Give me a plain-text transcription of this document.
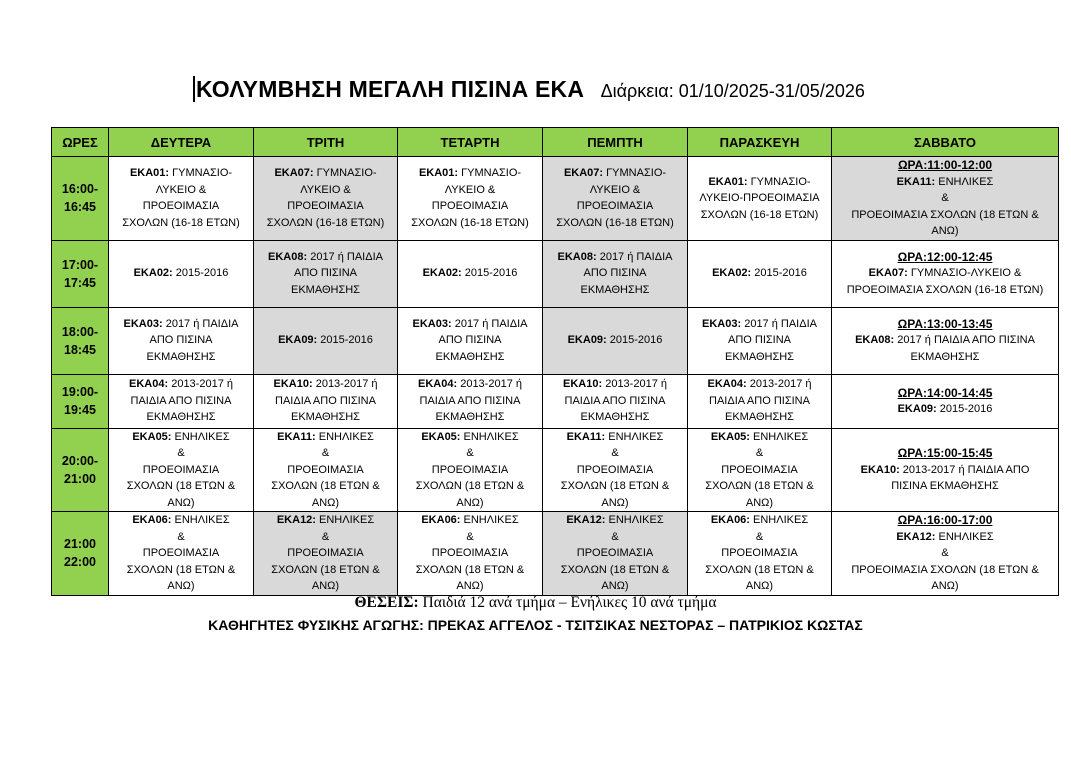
ΚΟΛΥΜΒΗΣΗ ΜΕΓΑΛΗ ΠΙΣΙΝΑ ΕΚΑ Διάρκεια: 01/10/2025-31/05/2026
ΩΡΕΣ	ΔΕΥΤΕΡΑ	ΤΡΙΤΗ	ΤΕΤΑΡΤΗ	ΠΕΜΠΤΗ	ΠΑΡΑΣΚΕΥΗ	ΣΑΒΒΑΤΟ

16:00-
16:45	ΕΚΑ01: ΓΥΜΝΑΣΙΟ-
ΛΥΚΕΙΟ &
ΠΡΟΕΟΙΜΑΣΙΑ
ΣΧΟΛΩΝ (16-18 ΕΤΩΝ)	ΕΚΑ07: ΓΥΜΝΑΣΙΟ-
ΛΥΚΕΙΟ &
ΠΡΟΕΟΙΜΑΣΙΑ
ΣΧΟΛΩΝ (16-18 ΕΤΩΝ)	ΕΚΑ01: ΓΥΜΝΑΣΙΟ-
ΛΥΚΕΙΟ &
ΠΡΟΕΟΙΜΑΣΙΑ
ΣΧΟΛΩΝ (16-18 ΕΤΩΝ)	ΕΚΑ07: ΓΥΜΝΑΣΙΟ-
ΛΥΚΕΙΟ &
ΠΡΟΕΟΙΜΑΣΙΑ
ΣΧΟΛΩΝ (16-18 ΕΤΩΝ)	ΕΚΑ01: ΓΥΜΝΑΣΙΟ-
ΛΥΚΕΙΟ-ΠΡΟΕΟΙΜΑΣΙΑ
ΣΧΟΛΩΝ (16-18 ΕΤΩΝ)	ΩΡΑ:11:00-12:00
ΕΚΑ11: ΕΝΗΛΙΚΕΣ
&
ΠΡΟΕΟΙΜΑΣΙΑ ΣΧΟΛΩΝ (18 ΕΤΩΝ &
ΑΝΩ)

17:00-
17:45	ΕΚΑ02: 2015-2016	ΕΚΑ08: 2017 ή ΠΑΙΔΙΑ
ΑΠΟ ΠΙΣΙΝΑ
ΕΚΜΑΘΗΣΗΣ	ΕΚΑ02: 2015-2016	ΕΚΑ08: 2017 ή ΠΑΙΔΙΑ
ΑΠΟ ΠΙΣΙΝΑ
ΕΚΜΑΘΗΣΗΣ	ΕΚΑ02: 2015-2016	ΩΡΑ:12:00-12:45
ΕΚΑ07: ΓΥΜΝΑΣΙΟ-ΛΥΚΕΙΟ &
ΠΡΟΕΟΙΜΑΣΙΑ ΣΧΟΛΩΝ (16-18 ΕΤΩΝ)

18:00-
18:45	ΕΚΑ03: 2017 ή ΠΑΙΔΙΑ
ΑΠΟ ΠΙΣΙΝΑ
ΕΚΜΑΘΗΣΗΣ	ΕΚΑ09: 2015-2016	ΕΚΑ03: 2017 ή ΠΑΙΔΙΑ
ΑΠΟ ΠΙΣΙΝΑ
ΕΚΜΑΘΗΣΗΣ	ΕΚΑ09: 2015-2016	ΕΚΑ03: 2017 ή ΠΑΙΔΙΑ
ΑΠΟ ΠΙΣΙΝΑ
ΕΚΜΑΘΗΣΗΣ	ΩΡΑ:13:00-13:45
ΕΚΑ08: 2017 ή ΠΑΙΔΙΑ ΑΠΟ ΠΙΣΙΝΑ
ΕΚΜΑΘΗΣΗΣ

19:00-
19:45	ΕΚΑ04: 2013-2017 ή
ΠΑΙΔΙΑ ΑΠΟ ΠΙΣΙΝΑ
ΕΚΜΑΘΗΣΗΣ	ΕΚΑ10: 2013-2017 ή
ΠΑΙΔΙΑ ΑΠΟ ΠΙΣΙΝΑ
ΕΚΜΑΘΗΣΗΣ	ΕΚΑ04: 2013-2017 ή
ΠΑΙΔΙΑ ΑΠΟ ΠΙΣΙΝΑ
ΕΚΜΑΘΗΣΗΣ	ΕΚΑ10: 2013-2017 ή
ΠΑΙΔΙΑ ΑΠΟ ΠΙΣΙΝΑ
ΕΚΜΑΘΗΣΗΣ	ΕΚΑ04: 2013-2017 ή
ΠΑΙΔΙΑ ΑΠΟ ΠΙΣΙΝΑ
ΕΚΜΑΘΗΣΗΣ	ΩΡΑ:14:00-14:45
ΕΚΑ09: 2015-2016

20:00-
21:00	ΕΚΑ05: ΕΝΗΛΙΚΕΣ
&
ΠΡΟΕΟΙΜΑΣΙΑ
ΣΧΟΛΩΝ (18 ΕΤΩΝ &
ΑΝΩ)	ΕΚΑ11: ΕΝΗΛΙΚΕΣ
&
ΠΡΟΕΟΙΜΑΣΙΑ
ΣΧΟΛΩΝ (18 ΕΤΩΝ &
ΑΝΩ)	ΕΚΑ05: ΕΝΗΛΙΚΕΣ
&
ΠΡΟΕΟΙΜΑΣΙΑ
ΣΧΟΛΩΝ (18 ΕΤΩΝ &
ΑΝΩ)	ΕΚΑ11: ΕΝΗΛΙΚΕΣ
&
ΠΡΟΕΟΙΜΑΣΙΑ
ΣΧΟΛΩΝ (18 ΕΤΩΝ &
ΑΝΩ)	ΕΚΑ05: ΕΝΗΛΙΚΕΣ
&
ΠΡΟΕΟΙΜΑΣΙΑ
ΣΧΟΛΩΝ (18 ΕΤΩΝ &
ΑΝΩ)	ΩΡΑ:15:00-15:45
ΕΚΑ10: 2013-2017 ή ΠΑΙΔΙΑ ΑΠΟ
ΠΙΣΙΝΑ ΕΚΜΑΘΗΣΗΣ

21:00
22:00	ΕΚΑ06: ΕΝΗΛΙΚΕΣ
&
ΠΡΟΕΟΙΜΑΣΙΑ
ΣΧΟΛΩΝ (18 ΕΤΩΝ &
ΑΝΩ)	ΕΚΑ12: ΕΝΗΛΙΚΕΣ
&
ΠΡΟΕΟΙΜΑΣΙΑ
ΣΧΟΛΩΝ (18 ΕΤΩΝ &
ΑΝΩ)	ΕΚΑ06: ΕΝΗΛΙΚΕΣ
&
ΠΡΟΕΟΙΜΑΣΙΑ
ΣΧΟΛΩΝ (18 ΕΤΩΝ &
ΑΝΩ)	ΕΚΑ12: ΕΝΗΛΙΚΕΣ
&
ΠΡΟΕΟΙΜΑΣΙΑ
ΣΧΟΛΩΝ (18 ΕΤΩΝ &
ΑΝΩ)	ΕΚΑ06: ΕΝΗΛΙΚΕΣ
&
ΠΡΟΕΟΙΜΑΣΙΑ
ΣΧΟΛΩΝ (18 ΕΤΩΝ &
ΑΝΩ)	ΩΡΑ:16:00-17:00
ΕΚΑ12: ΕΝΗΛΙΚΕΣ
&
ΠΡΟΕΟΙΜΑΣΙΑ ΣΧΟΛΩΝ (18 ΕΤΩΝ &
ΑΝΩ)
ΘΕΣΕΙΣ: Παιδιά 12 ανά τμήμα – Ενήλικες 10 ανά τμήμα
ΚΑΘΗΓΗΤΕΣ ΦΥΣΙΚΗΣ ΑΓΩΓΗΣ: ΠΡΕΚΑΣ ΑΓΓΕΛΟΣ - ΤΣΙΤΣΙΚΑΣ ΝΕΣΤΟΡΑΣ – ΠΑΤΡΙΚΙΟΣ ΚΩΣΤΑΣ
